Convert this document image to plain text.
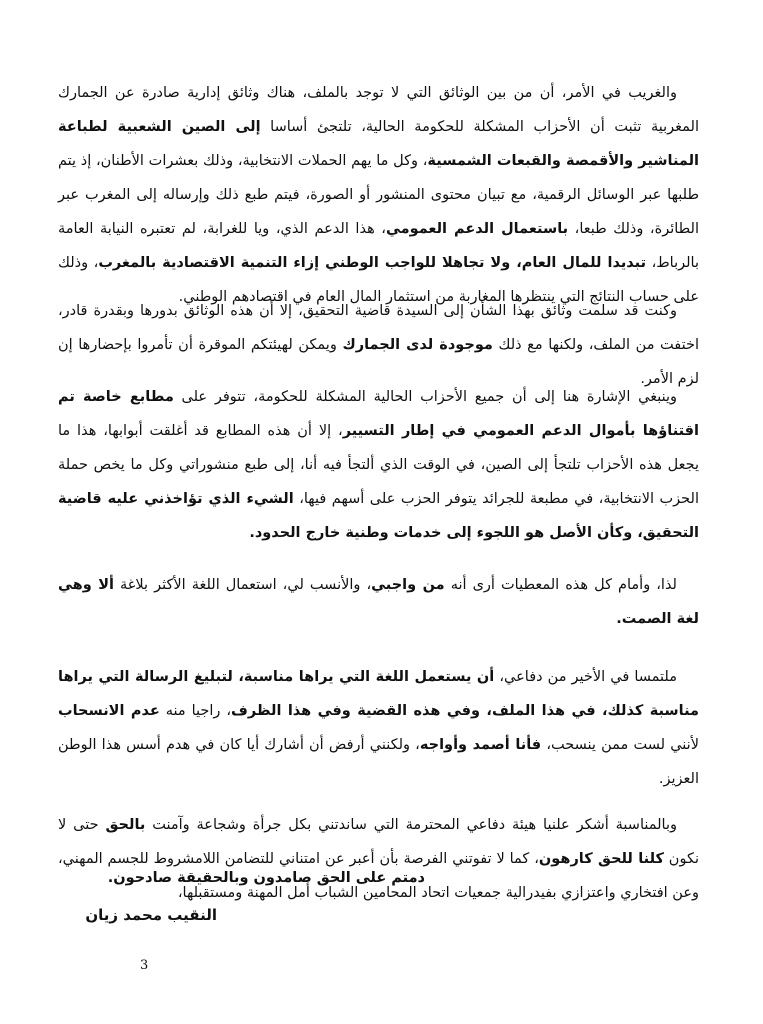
والغريب في الأمر، أن من بين الوثائق التي لا توجد بالملف، هناك وثائق إدارية صادرة عن الجمارك المغربية تثبت أن الأحزاب المشكلة للحكومة الحالية، تلتجئ أساسا إلى الصين الشعبية لطباعة المناشير والأقمصة والقبعات الشمسية، وكل ما يهم الحملات الانتخابية، وذلك بعشرات الأطنان، إذ يتم طلبها عبر الوسائل الرقمية، مع تبيان محتوى المنشور أو الصورة، فيتم طبع ذلك وإرساله إلى المغرب عبر الطائرة، وذلك طبعا، باستعمال الدعم العمومي، هذا الدعم الذي، ويا للغرابة، لم تعتبره النيابة العامة بالرباط، تبديدا للمال العام، ولا تجاهلا للواجب الوطني إزاء التنمية الاقتصادية بالمغرب، وذلك على حساب النتائج التي ينتظرها المغاربة من استثمار المال العام في اقتصادهم الوطني.

وكنت قد سلمت وثائق بهذا الشأن إلى السيدة قاضية التحقيق، إلا أن هذه الوثائق بدورها وبقدرة قادر، اختفت من الملف، ولكنها مع ذلك موجودة لدى الجمارك ويمكن لهيئتكم الموقرة أن تأمروا بإحضارها إن لزم الأمر.

وينبغي الإشارة هنا إلى أن جميع الأحزاب الحالية المشكلة للحكومة، تتوفر على مطابع خاصة تم اقتناؤها بأموال الدعم العمومي في إطار التسيير، إلا أن هذه المطابع قد أغلقت أبوابها، هذا ما يجعل هذه الأحزاب تلتجأ إلى الصين، في الوقت الذي ألتجأ فيه أنا، إلى طبع منشوراتي وكل ما يخص حملة الحزب الانتخابية، في مطبعة للجرائد يتوفر الحزب على أسهم فيها، الشيء الذي تؤاخذني عليه قاضية التحقيق، وكأن الأصل هو اللجوء إلى خدمات وطنية خارج الحدود.

لذا، وأمام كل هذه المعطيات أرى أنه من واجبي، والأنسب لي، استعمال اللغة الأكثر بلاغة ألا وهي لغة الصمت.

ملتمسا في الأخير من دفاعي، أن يستعمل اللغة التي يراها مناسبة، لتبليغ الرسالة التي يراها مناسبة كذلك، في هذا الملف، وفي هذه القضية وفي هذا الظرف، راجيا منه عدم الانسحاب لأنني لست ممن ينسحب، فأنا أصمد وأواجه، ولكنني أرفض أن أشارك أيا كان في هدم أسس هذا الوطن العزيز.

وبالمناسبة أشكر علنيا هيئة دفاعي المحترمة التي ساندتني بكل جرأة وشجاعة وآمنت بالحق حتى لا نكون كلنا للحق كارهون، كما لا تفوتني الفرصة بأن أعبر عن امتناني للتضامن اللامشروط للجسم المهني، وعن افتخاري واعتزازي بفيدرالية جمعيات اتحاد المحامين الشباب أمل المهنة ومستقبلها،

دمتم على الحق صامدون وبالحقيقة صادحون.

النقيب محمد زيان

3
